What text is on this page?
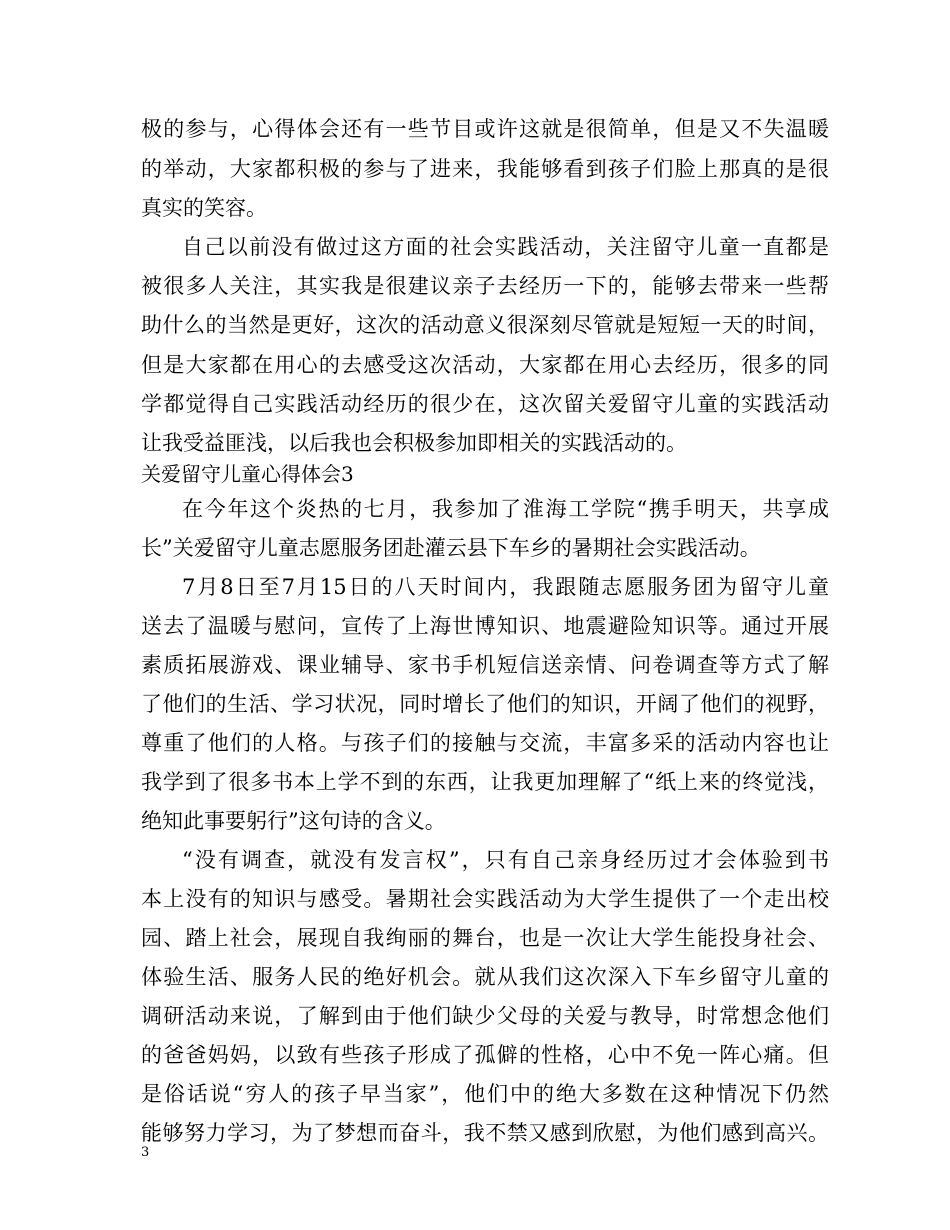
极的参与，心得体会还有一些节目或许这就是很简单，但是又不失温暖
的举动，大家都积极的参与了进来，我能够看到孩子们脸上那真的是很
真实的笑容。
自己以前没有做过这方面的社会实践活动，关注留守儿童一直都是
被很多人关注，其实我是很建议亲子去经历一下的，能够去带来一些帮
助什么的当然是更好，这次的活动意义很深刻尽管就是短短一天的时间，
但是大家都在用心的去感受这次活动，大家都在用心去经历，很多的同
学都觉得自己实践活动经历的很少在，这次留关爱留守儿童的实践活动
让我受益匪浅，以后我也会积极参加即相关的实践活动的。
关爱留守儿童心得体会3
在今年这个炎热的七月，我参加了淮海工学院“携手明天，共享成
长”关爱留守儿童志愿服务团赴灌云县下车乡的暑期社会实践活动。
7月8日至7月15日的八天时间内，我跟随志愿服务团为留守儿童
送去了温暖与慰问，宣传了上海世博知识、地震避险知识等。通过开展
素质拓展游戏、课业辅导、家书手机短信送亲情、问卷调查等方式了解
了他们的生活、学习状况，同时增长了他们的知识，开阔了他们的视野，
尊重了他们的人格。与孩子们的接触与交流，丰富多采的活动内容也让
我学到了很多书本上学不到的东西，让我更加理解了“纸上来的终觉浅，
绝知此事要躬行”这句诗的含义。
“没有调查，就没有发言权”，只有自己亲身经历过才会体验到书
本上没有的知识与感受。暑期社会实践活动为大学生提供了一个走出校
园、踏上社会，展现自我绚丽的舞台，也是一次让大学生能投身社会、
体验生活、服务人民的绝好机会。就从我们这次深入下车乡留守儿童的
调研活动来说，了解到由于他们缺少父母的关爱与教导，时常想念他们
的爸爸妈妈，以致有些孩子形成了孤僻的性格，心中不免一阵心痛。但
是俗话说“穷人的孩子早当家”，他们中的绝大多数在这种情况下仍然
能够努力学习，为了梦想而奋斗，我不禁又感到欣慰，为他们感到高兴。
3
